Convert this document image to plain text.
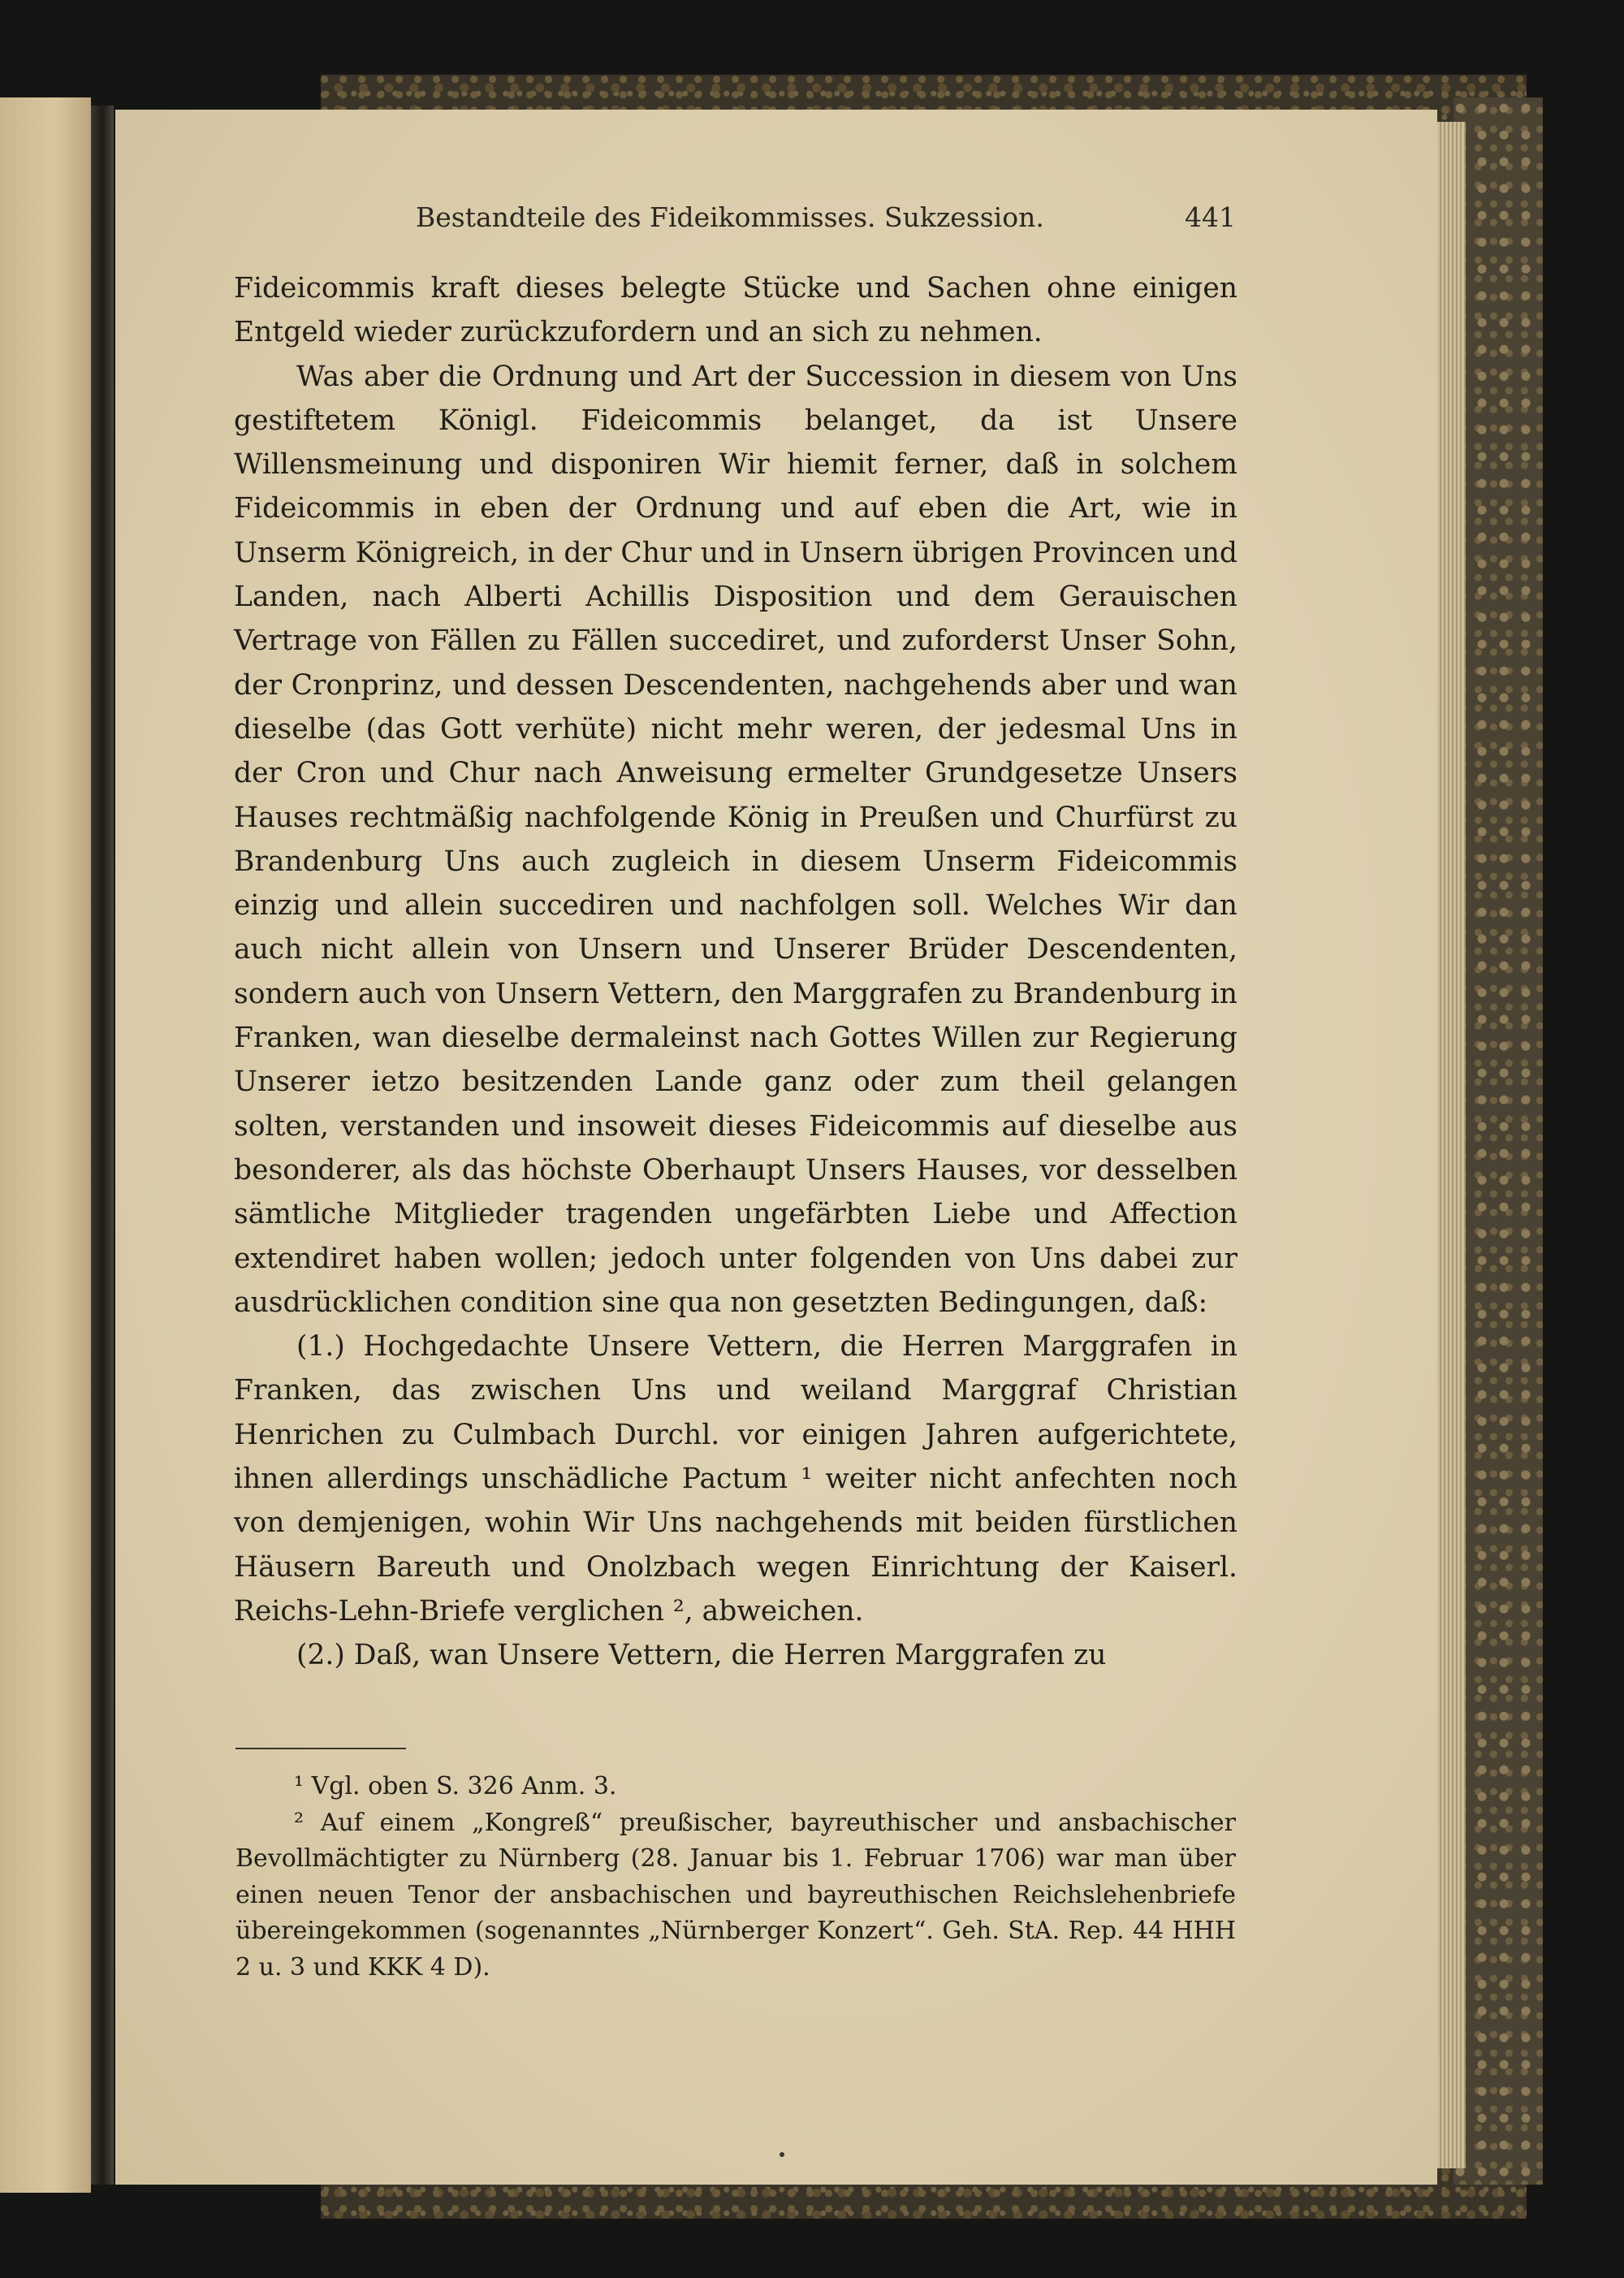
Bestandteile des Fideikommisses. Sukzession.	441

Fideicommis kraft dieses belegte Stücke und Sachen ohne einigen Entgeld wieder zurückzufordern und an sich zu nehmen.

Was aber die Ordnung und Art der Succession in diesem von Uns gestiftetem Königl. Fideicommis belanget, da ist Unsere Willensmeinung und disponiren Wir hiemit ferner, daß in solchem Fideicommis in eben der Ordnung und auf eben die Art, wie in Unserm Königreich, in der Chur und in Unsern übrigen Provincen und Landen, nach Alberti Achillis Disposition und dem Gerauischen Vertrage von Fällen zu Fällen succediret, und zuforderst Unser Sohn, der Cronprinz, und dessen Descendenten, nachgehends aber und wan dieselbe (das Gott verhüte) nicht mehr weren, der jedesmal Uns in der Cron und Chur nach Anweisung ermelter Grundgesetze Unsers Hauses rechtmäßig nachfolgende König in Preußen und Churfürst zu Brandenburg Uns auch zugleich in diesem Unserm Fideicommis einzig und allein succediren und nachfolgen soll. Welches Wir dan auch nicht allein von Unsern und Unserer Brüder Descendenten, sondern auch von Unsern Vettern, den Marggrafen zu Brandenburg in Franken, wan dieselbe dermaleinst nach Gottes Willen zur Regierung Unserer ietzo besitzenden Lande ganz oder zum theil gelangen solten, verstanden und insoweit dieses Fideicommis auf dieselbe aus besonderer, als das höchste Oberhaupt Unsers Hauses, vor desselben sämtliche Mitglieder tragenden ungefärbten Liebe und Affection extendiret haben wollen; jedoch unter folgenden von Uns dabei zur ausdrücklichen condition sine qua non gesetzten Bedingungen, daß:

(1.) Hochgedachte Unsere Vettern, die Herren Marggrafen in Franken, das zwischen Uns und weiland Marggraf Christian Henrichen zu Culmbach Durchl. vor einigen Jahren aufgerichtete, ihnen allerdings unschädliche Pactum ¹ weiter nicht anfechten noch von demjenigen, wohin Wir Uns nachgehends mit beiden fürstlichen Häusern Bareuth und Onolzbach wegen Einrichtung der Kaiserl. Reichs-Lehn-Briefe verglichen ², abweichen.

(2.) Daß, wan Unsere Vettern, die Herren Marggrafen zu

¹ Vgl. oben S. 326 Anm. 3.

² Auf einem „Kongreß“ preußischer, bayreuthischer und ansbachischer Bevollmächtigter zu Nürnberg (28. Januar bis 1. Februar 1706) war man über einen neuen Tenor der ansbachischen und bayreuthischen Reichslehenbriefe übereingekommen (sogenanntes „Nürnberger Konzert“. Geh. StA. Rep. 44 HHH 2 u. 3 und KKK 4 D).
